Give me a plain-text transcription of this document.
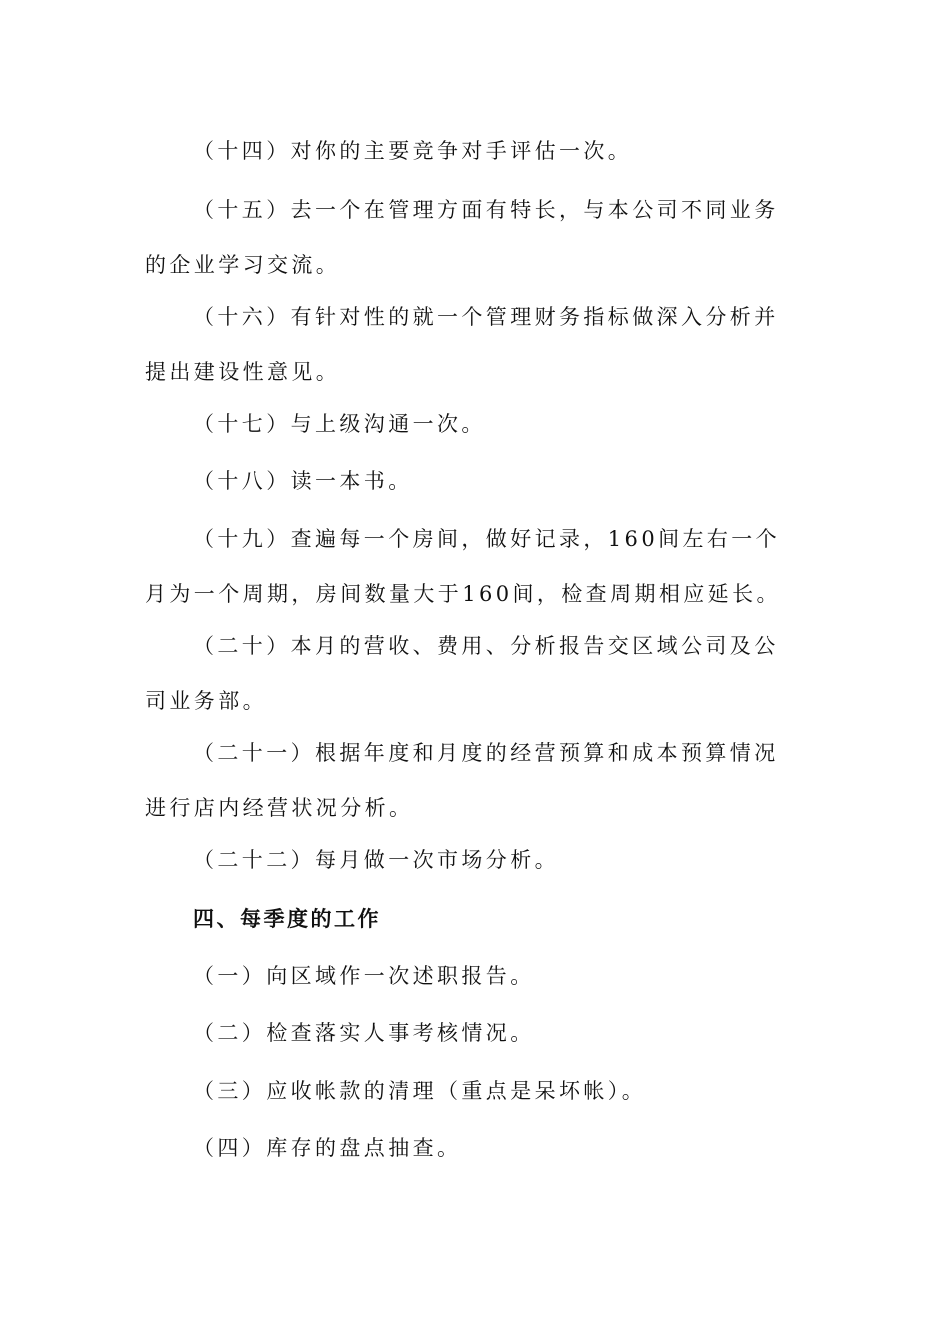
（十四）对你的主要竞争对手评估一次。

（十五）去一个在管理方面有特长，与本公司不同业务的企业学习交流。

（十六）有针对性的就一个管理财务指标做深入分析并提出建设性意见。

（十七）与上级沟通一次。

（十八）读一本书。

（十九）查遍每一个房间，做好记录，160间左右一个月为一个周期，房间数量大于160间，检查周期相应延长。

（二十）本月的营收、费用、分析报告交区域公司及公司业务部。

（二十一）根据年度和月度的经营预算和成本预算情况进行店内经营状况分析。

（二十二）每月做一次市场分析。

四、每季度的工作

（一）向区域作一次述职报告。

（二）检查落实人事考核情况。

（三）应收帐款的清理（重点是呆坏帐）。

（四）库存的盘点抽查。
